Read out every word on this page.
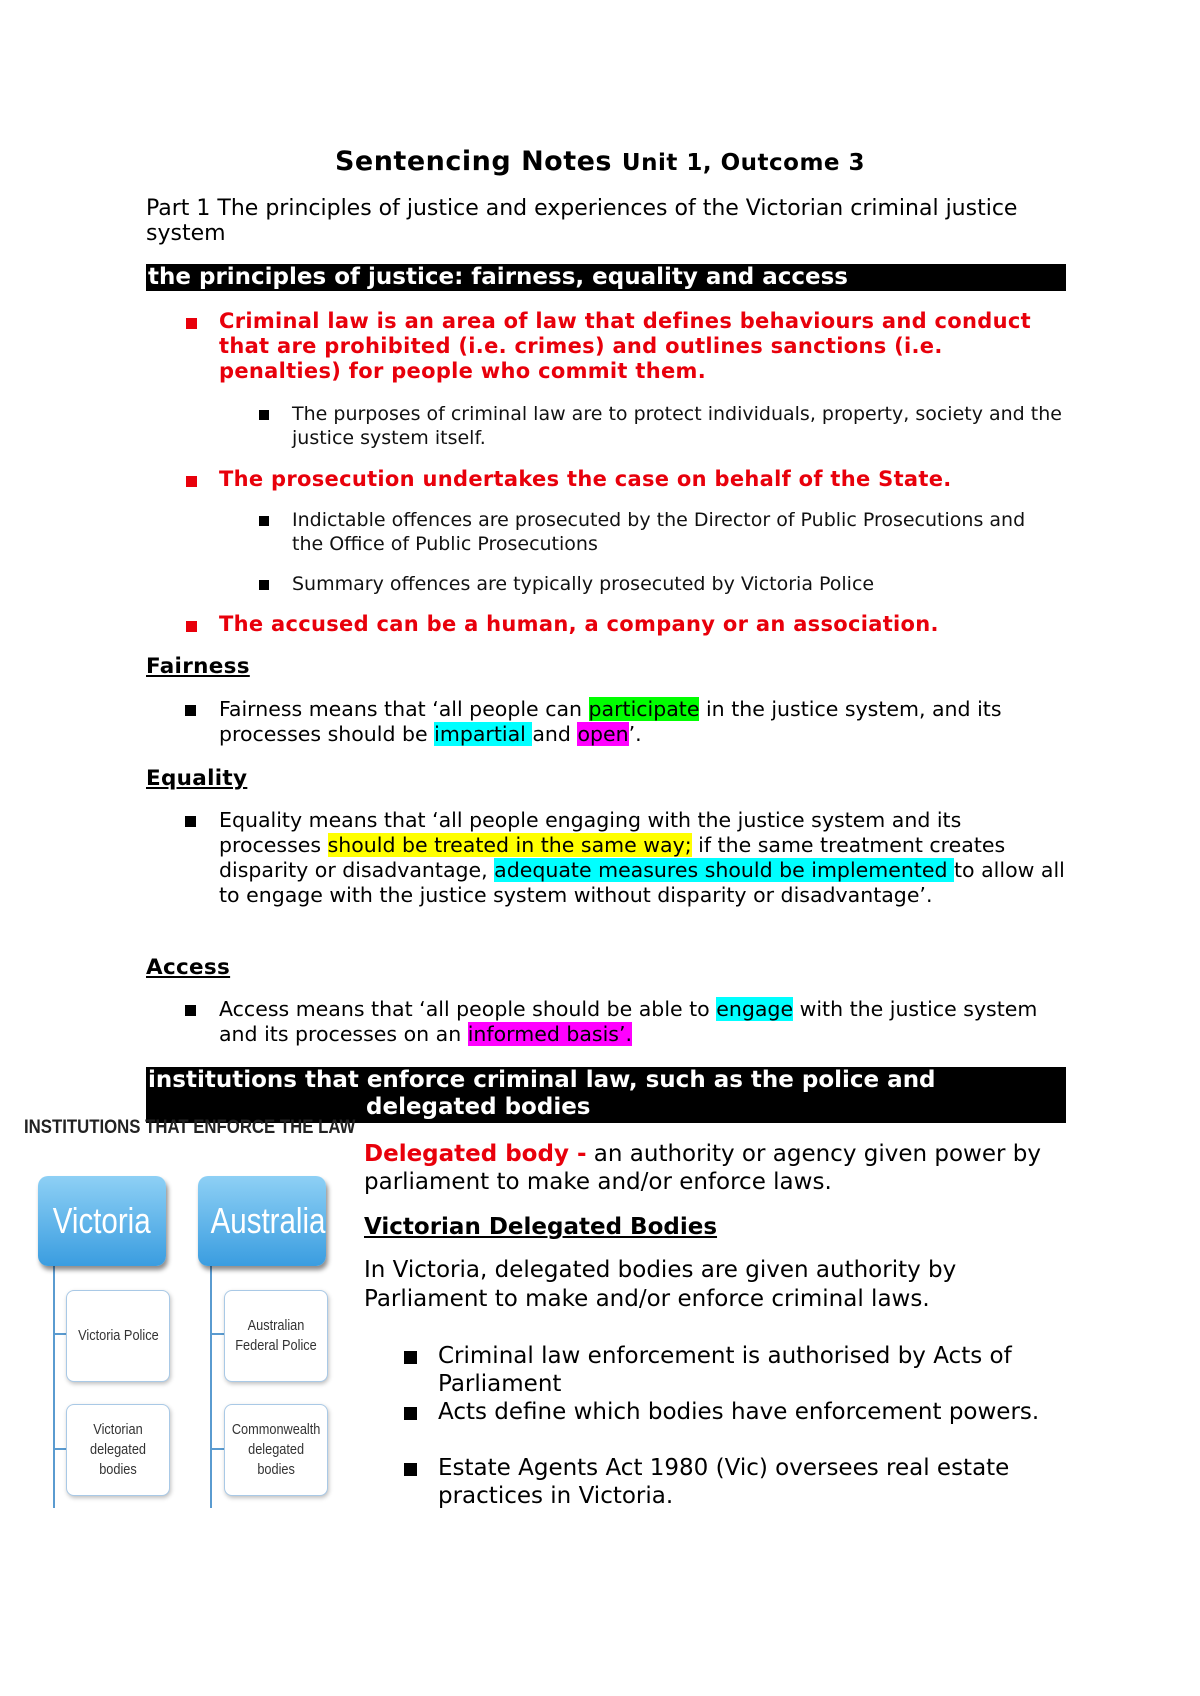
Sentencing Notes Unit 1, Outcome 3
Part 1 The principles of justice and experiences of the Victorian criminal justice system
the principles of justice: fairness, equality and access
Criminal law is an area of law that defines behaviours and conduct that are prohibited (i.e. crimes) and outlines sanctions (i.e. penalties) for people who commit them.
The purposes of criminal law are to protect individuals, property, society and the justice system itself.
The prosecution undertakes the case on behalf of the State.
Indictable offences are prosecuted by the Director of Public Prosecutions and the Office of Public Prosecutions
Summary offences are typically prosecuted by Victoria Police
The accused can be a human, a company or an association.
Fairness
Fairness means that ‘all people can participate in the justice system, and its processes should be impartial and open’.
Equality
Equality means that ‘all people engaging with the justice system and its processes should be treated in the same way; if the same treatment creates disparity or disadvantage, adequate measures should be implemented to allow all to engage with the justice system without disparity or disadvantage’.
Access
Access means that ‘all people should be able to engage with the justice system and its processes on an informed basis’.
institutions that enforce criminal law, such as the police and
delegated bodies
INSTITUTIONS THAT ENFORCE THE LAW
Victoria	Australia
Victoria Police
Victorian delegated bodies
Australian Federal Police
Commonwealth delegated bodies
Delegated body - an authority or agency given power by parliament to make and/or enforce laws.
Victorian Delegated Bodies
In Victoria, delegated bodies are given authority by Parliament to make and/or enforce criminal laws.
Criminal law enforcement is authorised by Acts of Parliament
Acts define which bodies have enforcement powers.
Estate Agents Act 1980 (Vic) oversees real estate practices in Victoria.
